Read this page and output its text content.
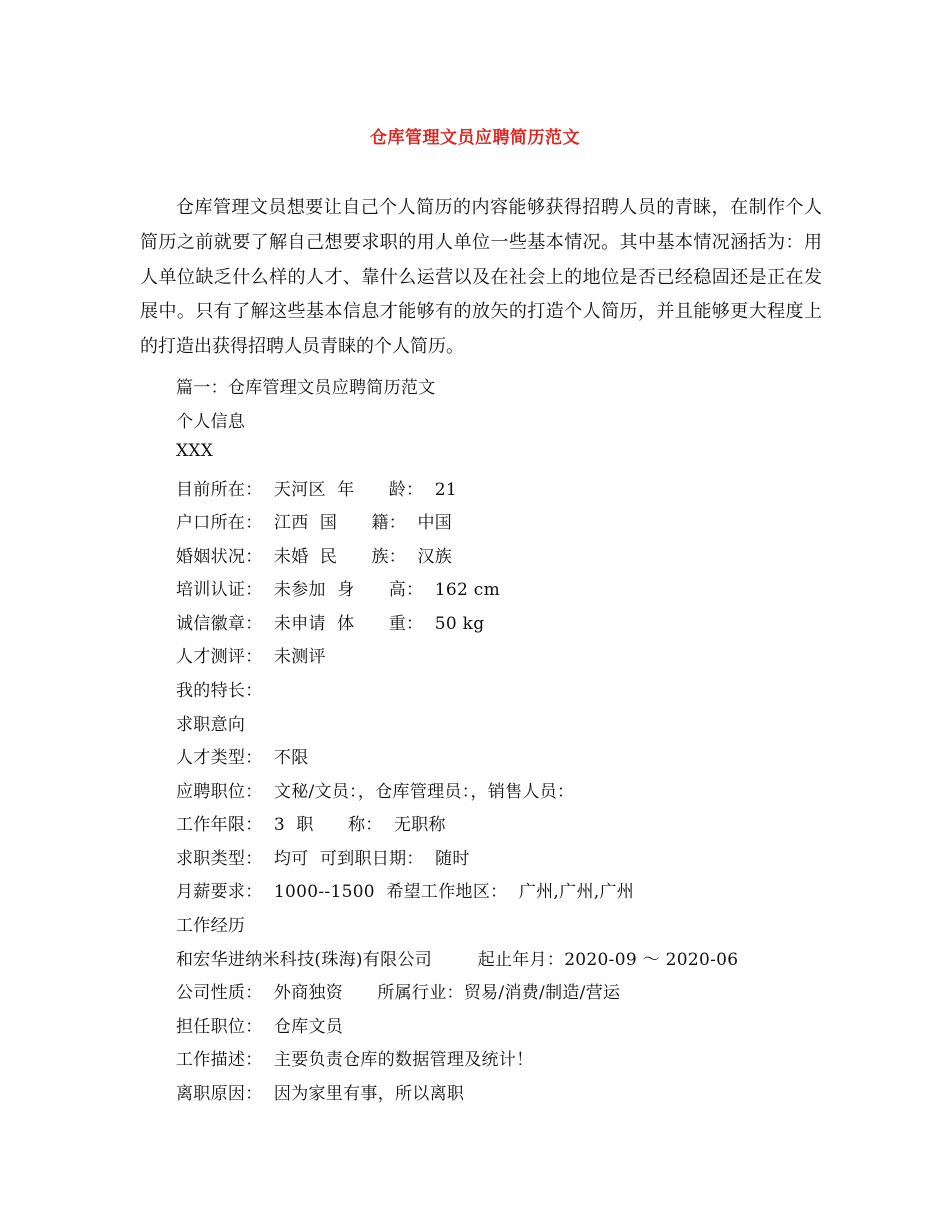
仓库管理文员应聘简历范文
仓库管理文员想要让自己个人简历的内容能够获得招聘人员的青睐，在制作个人简历之前就要了解自己想要求职的用人单位一些基本情况。其中基本情况涵括为：用人单位缺乏什么样的人才、靠什么运营以及在社会上的地位是否已经稳固还是正在发展中。只有了解这些基本信息才能够有的放矢的打造个人简历，并且能够更大程度上的打造出获得招聘人员青睐的个人简历。
篇一：仓库管理文员应聘简历范文
个人信息
XXX
目前所在：  天河区  年      龄：  21
户口所在：  江西  国      籍：  中国
婚姻状况：  未婚  民      族：  汉族
培训认证：  未参加  身      高：  162 cm
诚信徽章：  未申请  体      重：  50 kg
人才测评：  未测评
我的特长：
求职意向
人才类型：  不限
应聘职位：  文秘/文员：，仓库管理员：，销售人员：
工作年限：  3  职      称：  无职称
求职类型：  均可  可到职日期：  随时
月薪要求：  1000--1500  希望工作地区：  广州,广州,广州
工作经历
和宏华进纳米科技(珠海)有限公司        起止年月：2020-09 ～ 2020-06
公司性质：  外商独资      所属行业：贸易/消费/制造/营运
担任职位：  仓库文员
工作描述：  主要负责仓库的数据管理及统计！
离职原因：  因为家里有事，所以离职
